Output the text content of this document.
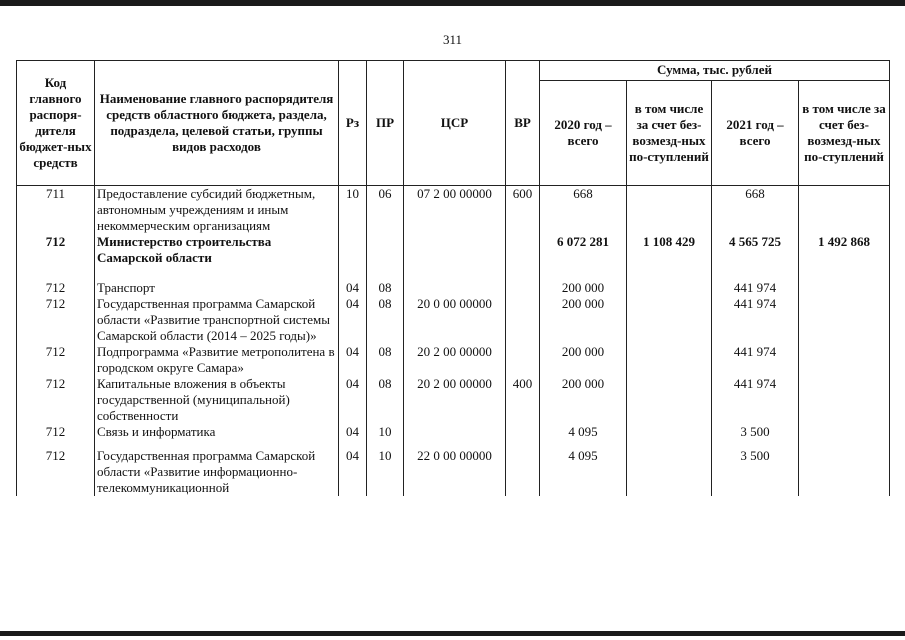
311
Код главного распоря-дителя бюджет-ных средств	Наименование главного распорядителя средств областного бюджета, раздела, подраздела, целевой статьи, группы видов расходов	Рз	ПР	ЦСР	ВР	Сумма, тыс. рублей			
						2020 год – всего	в том числе за счет без-возмезд-ных по-ступлений	2021 год – всего	в том числе за счет без-возмезд-ных по-ступлений
711	Предоставление субсидий бюджетным, автономным учреждениям и иным некоммерческим организациям	10	06	07 2 00 00000	600	668		668	
712	Министерство строительства Самарской области					6 072 281	1 108 429	4 565 725	1 492 868
712	Транспорт	04	08			200 000		441 974	
712	Государственная программа Самарской области «Развитие транспортной системы Самарской области (2014 – 2025 годы)»	04	08	20 0 00 00000		200 000		441 974	
712	Подпрограмма «Развитие метрополитена в городском округе Самара»	04	08	20 2 00 00000		200 000		441 974	
712	Капитальные вложения в объекты государственной (муниципальной) собственности	04	08	20 2 00 00000	400	200 000		441 974	
712	Связь и информатика	04	10			4 095		3 500	
712	Государственная программа Самарской области «Развитие информационно-телекоммуникационной	04	10	22 0 00 00000		4 095		3 500	
